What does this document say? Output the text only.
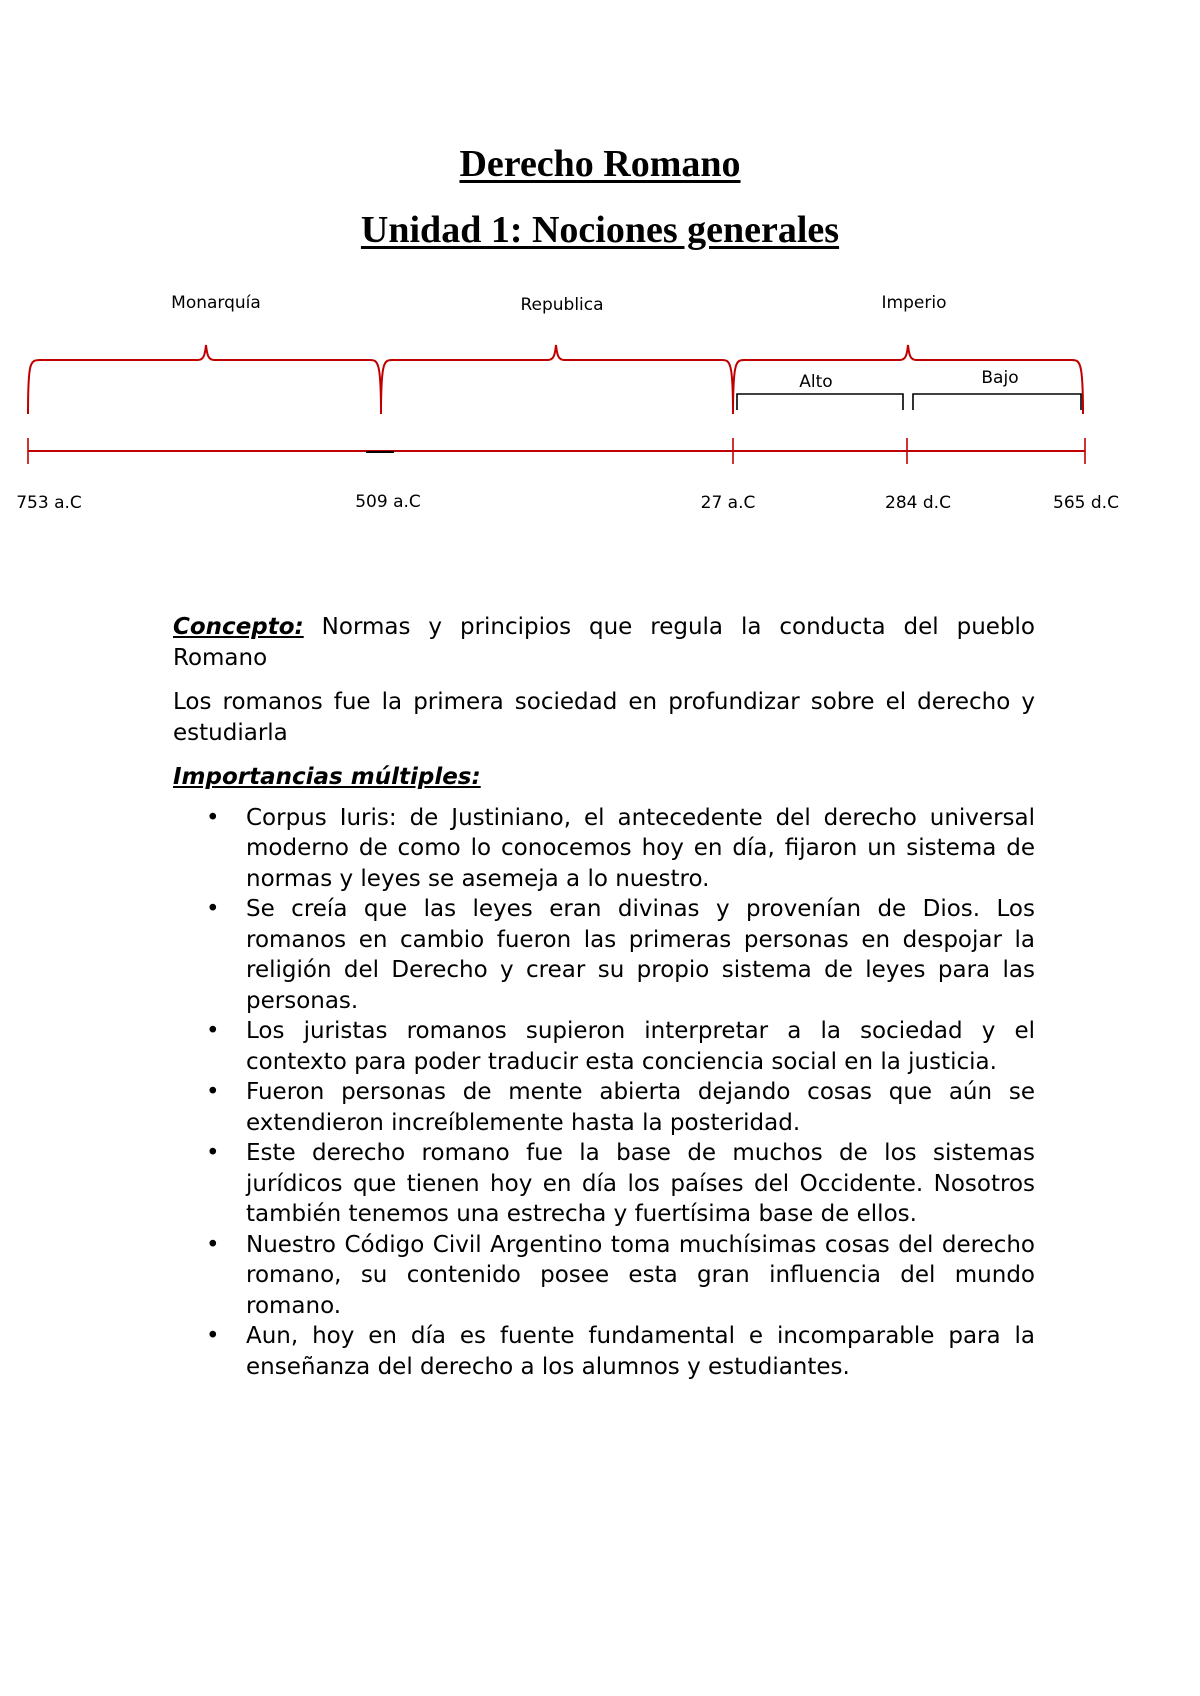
Derecho Romano
Unidad 1: Nociones generales
Monarquía	Republica	Imperio
Alto	Bajo
753 a.C	509 a.C	27 a.C	284 d.C	565 d.C

Concepto: Normas y principios que regula la conducta del pueblo Romano

Los romanos fue la primera sociedad en profundizar sobre el derecho y estudiarla

Importancias múltiples:
• Corpus Iuris: de Justiniano, el antecedente del derecho universal moderno de como lo conocemos hoy en día, fijaron un sistema de normas y leyes se asemeja a lo nuestro.
• Se creía que las leyes eran divinas y provenían de Dios. Los romanos en cambio fueron las primeras personas en despojar la religión del Derecho y crear su propio sistema de leyes para las personas.
• Los juristas romanos supieron interpretar a la sociedad y el contexto para poder traducir esta conciencia social en la justicia.
• Fueron personas de mente abierta dejando cosas que aún se extendieron increíblemente hasta la posteridad.
• Este derecho romano fue la base de muchos de los sistemas jurídicos que tienen hoy en día los países del Occidente. Nosotros también tenemos una estrecha y fuertísima base de ellos.
• Nuestro Código Civil Argentino toma muchísimas cosas del derecho romano, su contenido posee esta gran influencia del mundo romano.
• Aun, hoy en día es fuente fundamental e incomparable para la enseñanza del derecho a los alumnos y estudiantes.
